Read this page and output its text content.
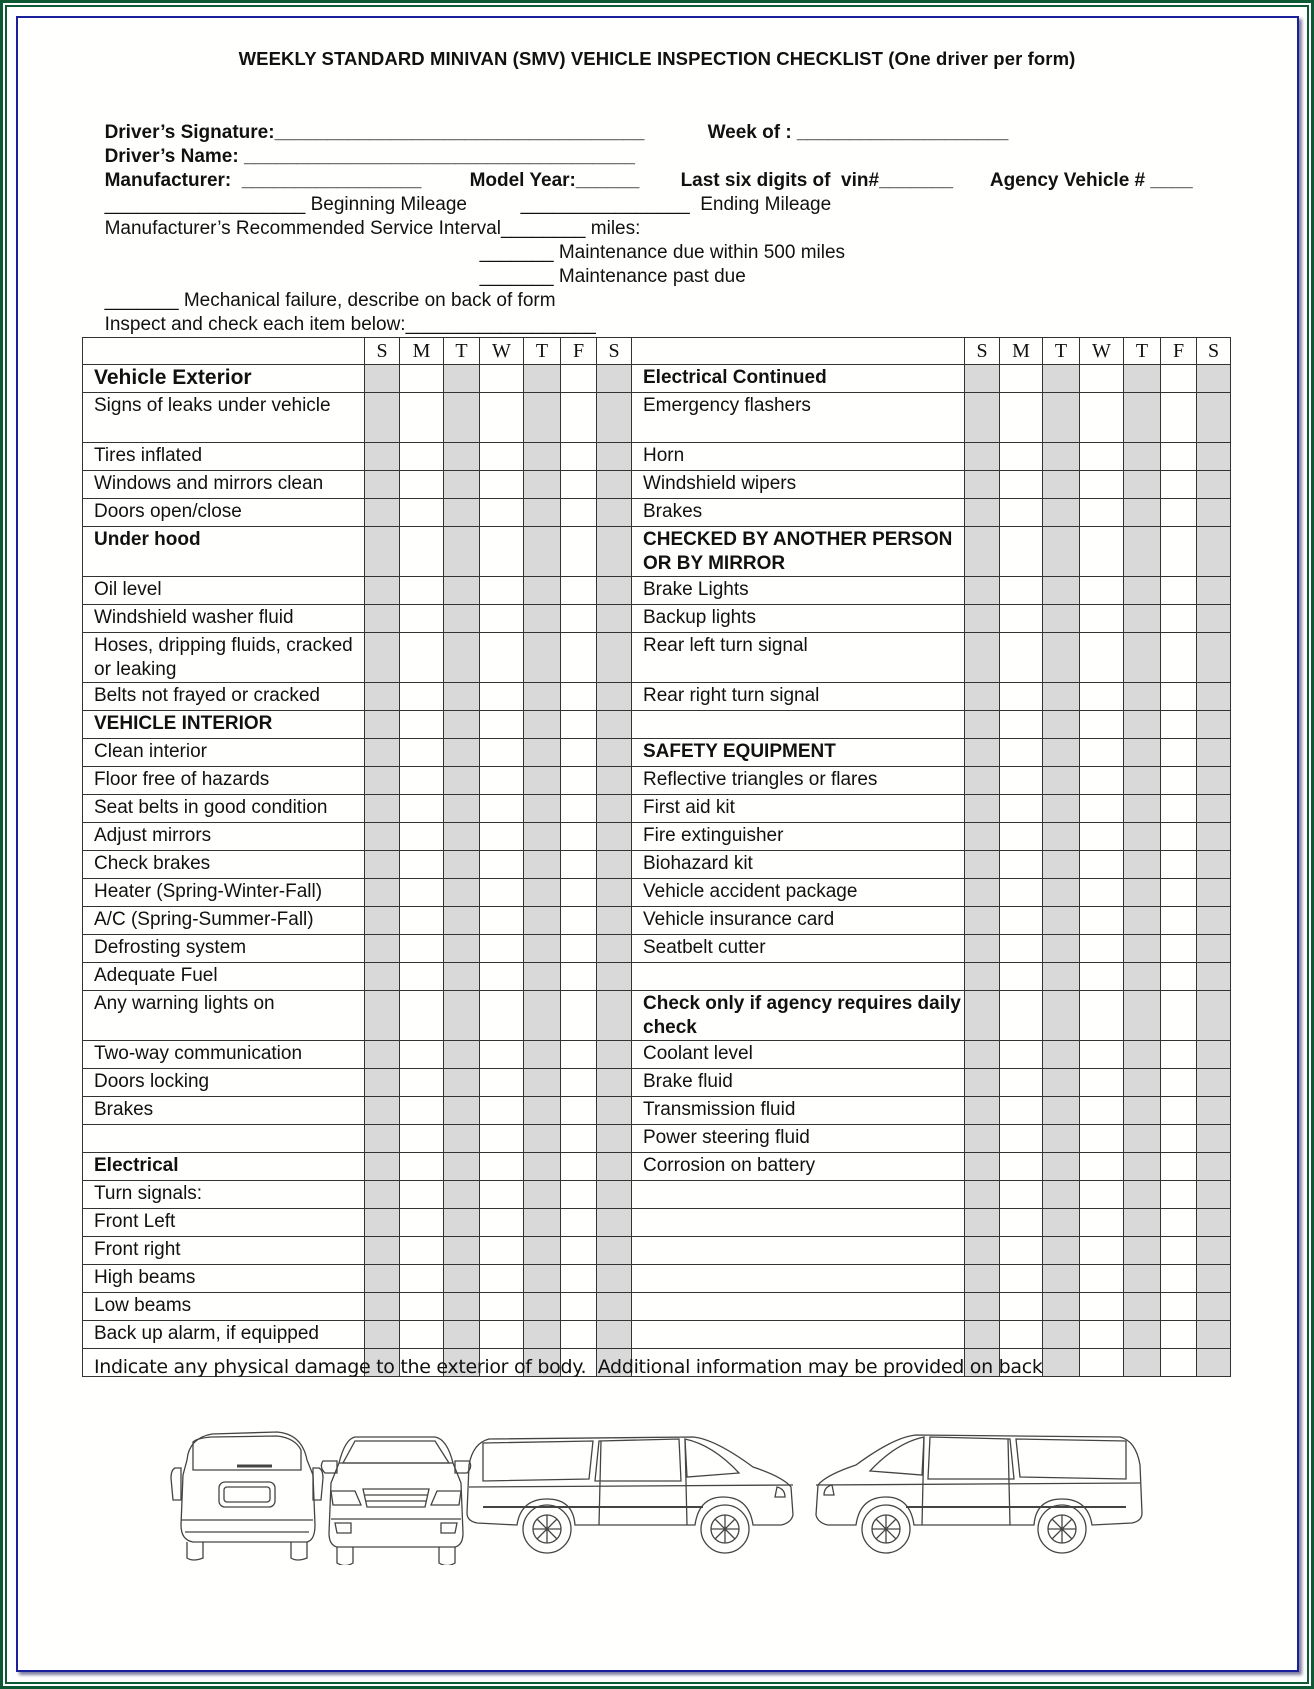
WEEKLY STANDARD MINIVAN (SMV) VEHICLE INSPECTION CHECKLIST (One driver per form)

Driver’s Signature:___________________________________	Week of : ____________________

Driver’s Name: _____________________________________

Manufacturer: _________________	Model Year:______	Last six digits of  vin#_______	Agency Vehicle # ____

___________________ Beginning Mileage	________________ Ending Mileage

Manufacturer’s Recommended Service Interval________ miles:

_______ Maintenance due within 500 miles

_______ Maintenance past due

_______ Mechanical failure, describe on back of form

Inspect and check each item below:__________________

	S	M	T	W	T	F	S		S	M	T	W	T	F	S
Vehicle Exterior								Electrical Continued							
Signs of leaks under vehicle								Emergency flashers							
Tires inflated								Horn							
Windows and mirrors clean								Windshield wipers							
Doors open/close								Brakes							
Under hood								CHECKED BY ANOTHER PERSON OR BY MIRROR							
Oil level								Brake Lights							
Windshield washer fluid								Backup lights							
Hoses, dripping fluids, cracked or leaking								Rear left turn signal							
Belts not frayed or cracked								Rear right turn signal							
VEHICLE INTERIOR															
Clean interior								SAFETY EQUIPMENT							
Floor free of hazards								Reflective triangles or flares							
Seat belts in good condition								First aid kit							
Adjust mirrors								Fire extinguisher							
Check brakes								Biohazard kit							
Heater (Spring-Winter-Fall)								Vehicle accident package							
A/C (Spring-Summer-Fall)								Vehicle insurance card							
Defrosting system								Seatbelt cutter							
Adequate Fuel															
Any warning lights on								Check only if agency requires daily check							
Two-way communication								Coolant level							
Doors locking								Brake fluid							
Brakes								Transmission fluid							
								Power steering fluid							
Electrical								Corrosion on battery							
Turn signals:															
Front Left															
Front right															
High beams															
Low beams															
Back up alarm, if equipped															

Indicate any physical damage to the exterior of body.  Additional information may be provided on back
